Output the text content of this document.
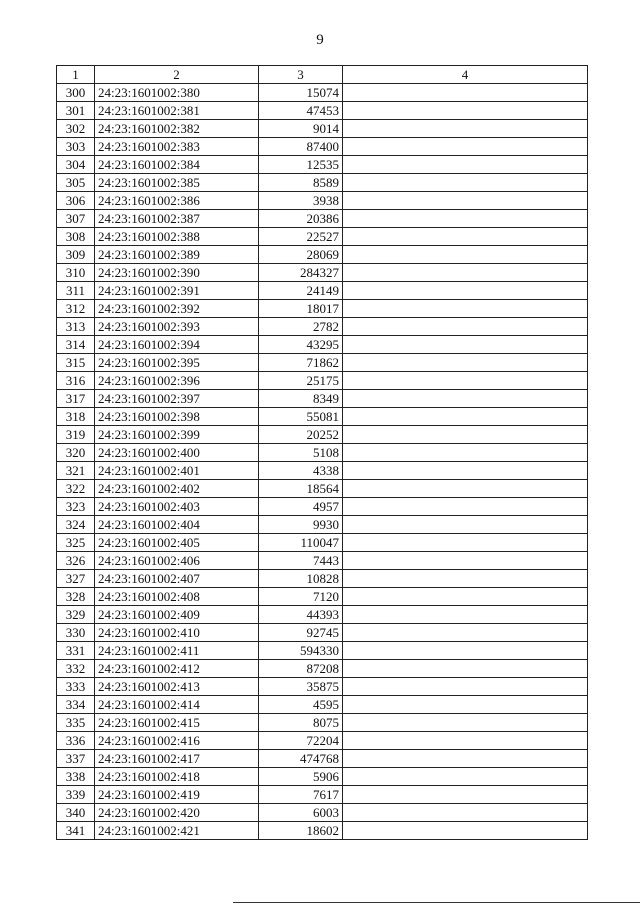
9
1	2	3	4
300	24:23:1601002:380	15074	
301	24:23:1601002:381	47453	
302	24:23:1601002:382	9014	
303	24:23:1601002:383	87400	
304	24:23:1601002:384	12535	
305	24:23:1601002:385	8589	
306	24:23:1601002:386	3938	
307	24:23:1601002:387	20386	
308	24:23:1601002:388	22527	
309	24:23:1601002:389	28069	
310	24:23:1601002:390	284327	
311	24:23:1601002:391	24149	
312	24:23:1601002:392	18017	
313	24:23:1601002:393	2782	
314	24:23:1601002:394	43295	
315	24:23:1601002:395	71862	
316	24:23:1601002:396	25175	
317	24:23:1601002:397	8349	
318	24:23:1601002:398	55081	
319	24:23:1601002:399	20252	
320	24:23:1601002:400	5108	
321	24:23:1601002:401	4338	
322	24:23:1601002:402	18564	
323	24:23:1601002:403	4957	
324	24:23:1601002:404	9930	
325	24:23:1601002:405	110047	
326	24:23:1601002:406	7443	
327	24:23:1601002:407	10828	
328	24:23:1601002:408	7120	
329	24:23:1601002:409	44393	
330	24:23:1601002:410	92745	
331	24:23:1601002:411	594330	
332	24:23:1601002:412	87208	
333	24:23:1601002:413	35875	
334	24:23:1601002:414	4595	
335	24:23:1601002:415	8075	
336	24:23:1601002:416	72204	
337	24:23:1601002:417	474768	
338	24:23:1601002:418	5906	
339	24:23:1601002:419	7617	
340	24:23:1601002:420	6003	
341	24:23:1601002:421	18602	
